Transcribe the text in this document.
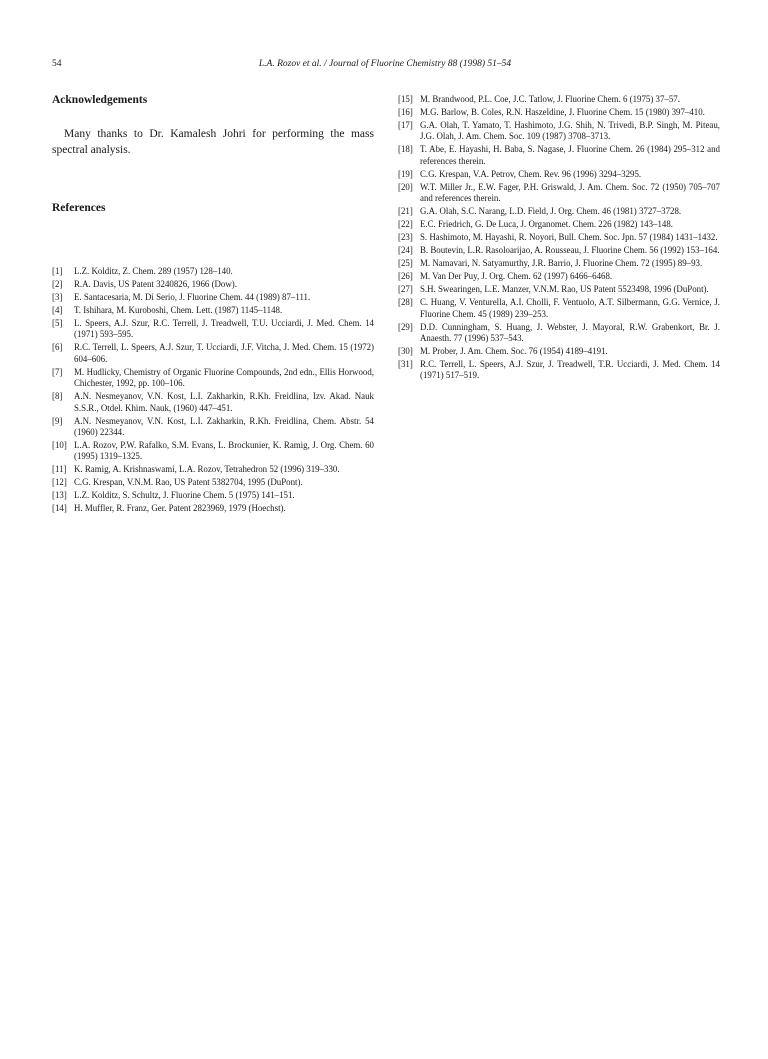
54	L.A. Rozov et al. / Journal of Fluorine Chemistry 88 (1998) 51–54
Acknowledgements

Many thanks to Dr. Kamalesh Johri for performing the mass spectral analysis.

References
[1]	L.Z. Kolditz, Z. Chem. 289 (1957) 128–140.
[2]	R.A. Davis, US Patent 3240826, 1966 (Dow).
[3]	E. Santacesaria, M. Di Serio, J. Fluorine Chem. 44 (1989) 87–111.
[4]	T. Ishihara, M. Kuroboshi, Chem. Lett. (1987) 1145–1148.
[5]	L. Speers, A.J. Szur, R.C. Terrell, J. Treadwell, T.U. Ucciardi, J. Med. Chem. 14 (1971) 593–595.
[6]	R.C. Terrell, L. Speers, A.J. Szur, T. Ucciardi, J.F. Vitcha, J. Med. Chem. 15 (1972) 604–606.
[7]	M. Hudlicky, Chemistry of Organic Fluorine Compounds, 2nd edn., Ellis Horwood, Chichester, 1992, pp. 100–106.
[8]	A.N. Nesmeyanov, V.N. Kost, L.I. Zakharkin, R.Kh. Freidlina, Izv. Akad. Nauk S.S.R., Otdel. Khim. Nauk, (1960) 447–451.
[9]	A.N. Nesmeyanov, V.N. Kost, L.I. Zakharkin, R.Kh. Freidlina, Chem. Abstr. 54 (1960) 22344.
[10] L.A. Rozov, P.W. Rafalko, S.M. Evans, L. Brockunier, K. Ramig, J. Org. Chem. 60 (1995) 1319–1325.
[11] K. Ramig, A. Krishnaswami, L.A. Rozov, Tetrahedron 52 (1996) 319–330.
[12] C.G. Krespan, V.N.M. Rao, US Patent 5382704, 1995 (DuPont).
[13] L.Z. Kolditz, S. Schultz, J. Fluorine Chem. 5 (1975) 141–151.
[14] H. Muffler, R. Franz, Ger. Patent 2823969, 1979 (Hoechst).
[15] M. Brandwood, P.L. Coe, J.C. Tatlow, J. Fluorine Chem. 6 (1975) 37–57.
[16] M.G. Barlow, B. Coles, R.N. Haszeldine, J. Fluorine Chem. 15 (1980) 397–410.
[17] G.A. Olah, T. Yamato, T. Hashimoto, J.G. Shih, N. Trivedi, B.P. Singh, M. Piteau, J.G. Olah, J. Am. Chem. Soc. 109 (1987) 3708–3713.
[18] T. Abe, E. Hayashi, H. Baba, S. Nagase, J. Fluorine Chem. 26 (1984) 295–312 and references therein.
[19] C.G. Krespan, V.A. Petrov, Chem. Rev. 96 (1996) 3294–3295.
[20] W.T. Miller Jr., E.W. Fager, P.H. Griswald, J. Am. Chem. Soc. 72 (1950) 705–707 and references therein.
[21] G.A. Olah, S.C. Narang, L.D. Field, J. Org. Chem. 46 (1981) 3727–3728.
[22] E.C. Friedrich, G. De Luca, J. Organomet. Chem. 226 (1982) 143–148.
[23] S. Hashimoto, M. Hayashi, R. Noyori, Bull. Chem. Soc. Jpn. 57 (1984) 1431–1432.
[24] B. Boutevin, L.R. Rasoloarijao, A. Rousseau, J. Fluorine Chem. 56 (1992) 153–164.
[25] M. Namavari, N. Satyamurthy, J.R. Barrio, J. Fluorine Chem. 72 (1995) 89–93.
[26] M. Van Der Puy, J. Org. Chem. 62 (1997) 6466–6468.
[27] S.H. Swearingen, L.E. Manzer, V.N.M. Rao, US Patent 5523498, 1996 (DuPont).
[28] C. Huang, V. Venturella, A.I. Cholli, F. Ventuolo, A.T. Silbermann, G.G. Vernice, J. Fluorine Chem. 45 (1989) 239–253.
[29] D.D. Cunningham, S. Huang, J. Webster, J. Mayoral, R.W. Grabenkort, Br. J. Anaesth. 77 (1996) 537–543.
[30] M. Prober, J. Am. Chem. Soc. 76 (1954) 4189–4191.
[31] R.C. Terrell, L. Speers, A.J. Szur, J. Treadwell, T.R. Ucciardi, J. Med. Chem. 14 (1971) 517–519.
